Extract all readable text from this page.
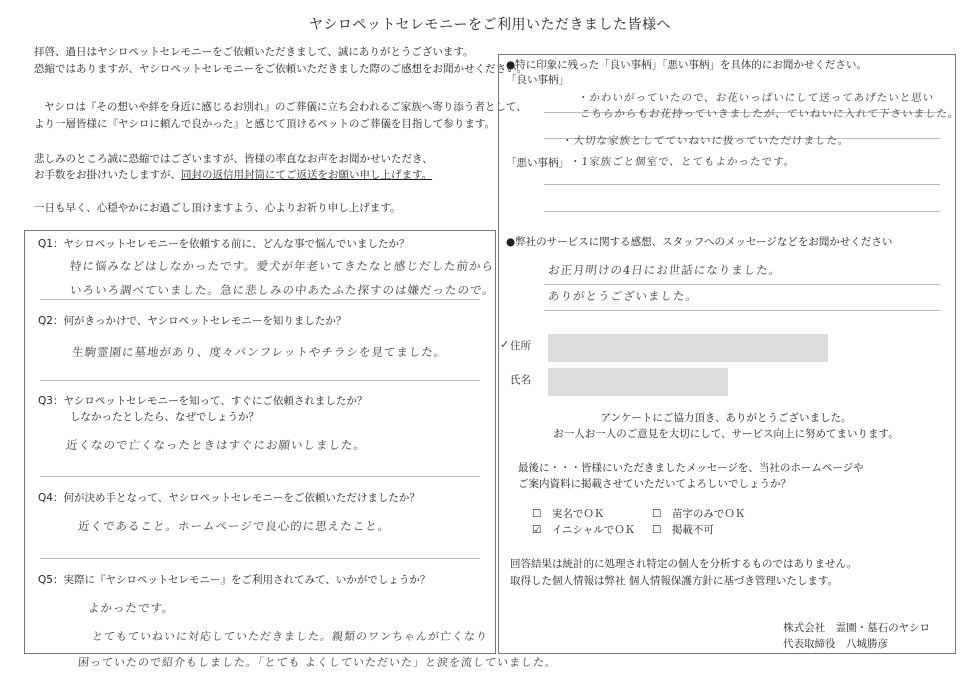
ヤシロペットセレモニーをご利用いただきました皆様へ
拝啓、過日はヤシロペットセレモニーをご依頼いただきまして、誠にありがとうございます。
恐縮ではありますが、ヤシロペットセレモニーをご依頼いただきました際のご感想をお聞かせください。
ヤシロは『その想いや絆を身近に感じるお別れ』のご葬儀に立ち会われるご家族へ寄り添う者として、
より一層皆様に『ヤシロに頼んで良かった』と感じて頂けるペットのご葬儀を目指して参ります。
悲しみのところ誠に恐縮ではございますが、皆様の率直なお声をお聞かせいただき、
お手数をお掛けいたしますが、同封の返信用封筒にてご返送をお願い申し上げます。
一日も早く、心穏やかにお過ごし頂けますよう、心よりお祈り申し上げます。
Q1：ヤシロペットセレモニーを依頼する前に、どんな事で悩んでいましたか？
特に悩みなどはしなかったです。愛犬が年老いてきたなと感じだした前から
いろいろ調べていました。急に悲しみの中あたふた探すのは嫌だったので。
Q2：何がきっかけで、ヤシロペットセレモニーを知りましたか？
生駒霊園に墓地があり、度々パンフレットやチラシを見てました。
Q3：ヤシロペットセレモニーを知って、すぐにご依頼されましたか？
しなかったとしたら、なぜでしょうか？
近くなので亡くなったときはすぐにお願いしました。
Q4：何が決め手となって、ヤシロペットセレモニーをご依頼いただけましたか？
近くであること。ホームページで良心的に思えたこと。
Q5：実際に『ヤシロペットセレモニー』をご利用されてみて、いかがでしょうか？
よかったです。
とてもていねいに対応していただきました。親類のワンちゃんが亡くなり
困っていたので紹介もしました。「とても よくしていただいた」と涙を流していました。
●特に印象に残った「良い事柄」「悪い事柄」を具体的にお聞かせください。
「良い事柄」
・かわいがっていたので、お花いっぱいにして送ってあげたいと思い
こちらからもお花持っていきましたが、ていねいに入れて下さいました。
・大切な家族としてていねいに扱っていただけました。
「悪い事柄」 ・1家族ごと個室で、とてもよかったです。
●弊社のサービスに関する感想、スタッフへのメッセージなどをお聞かせください
お正月明けの4日にお世話になりました。
ありがとうございました。
✓ 住所
氏名
アンケートにご協力頂き、ありがとうございました。
お一人お一人のご意見を大切にして、サービス向上に努めてまいります。
最後に・・・皆様にいただきましたメッセージを、当社のホームページや
ご案内資料に掲載させていただいてよろしいでしょうか？
☐　 実名でＯＫ	☐　 苗字のみでＯＫ
☑　 イニシャルでＯＫ ☐　 掲載不可
回答結果は統計的に処理され特定の個人を分析するものではありません。
取得した個人情報は弊社 個人情報保護方針に基づき管理いたします。
株式会社　霊園・墓石のヤシロ
代表取締役　八城勝彦
